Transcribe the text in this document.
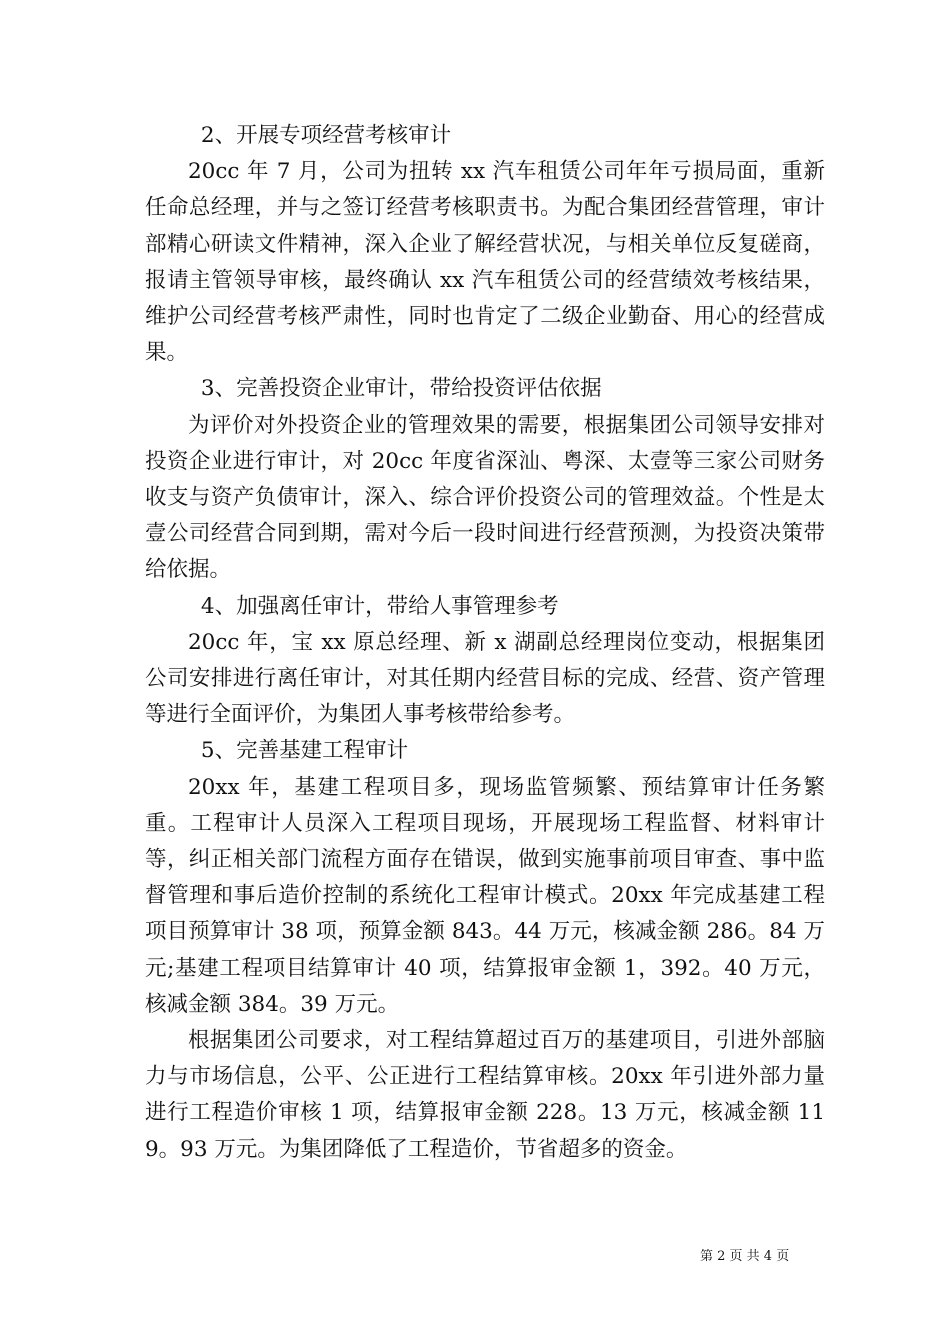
2、开展专项经营考核审计

20cc 年 7 月，公司为扭转 xx 汽车租赁公司年年亏损局面，重新任命总经理，并与之签订经营考核职责书。为配合集团经营管理，审计部精心研读文件精神，深入企业了解经营状况，与相关单位反复磋商，报请主管领导审核，最终确认 xx 汽车租赁公司的经营绩效考核结果，维护公司经营考核严肃性，同时也肯定了二级企业勤奋、用心的经营成果。

3、完善投资企业审计，带给投资评估依据

为评价对外投资企业的管理效果的需要，根据集团公司领导安排对投资企业进行审计，对 20cc 年度省深汕、粤深、太壹等三家公司财务收支与资产负债审计，深入、综合评价投资公司的管理效益。个性是太壹公司经营合同到期，需对今后一段时间进行经营预测，为投资决策带给依据。

4、加强离任审计，带给人事管理参考

20cc 年，宝 xx 原总经理、新 x 湖副总经理岗位变动，根据集团公司安排进行离任审计，对其任期内经营目标的完成、经营、资产管理等进行全面评价，为集团人事考核带给参考。

5、完善基建工程审计

20xx 年，基建工程项目多，现场监管频繁、预结算审计任务繁重。工程审计人员深入工程项目现场，开展现场工程监督、材料审计等，纠正相关部门流程方面存在错误，做到实施事前项目审查、事中监督管理和事后造价控制的系统化工程审计模式。20xx 年完成基建工程项目预算审计 38 项，预算金额 843。44 万元，核减金额 286。84 万元;基建工程项目结算审计 40 项，结算报审金额 1，392。40 万元，核减金额 384。39 万元。

根据集团公司要求，对工程结算超过百万的基建项目，引进外部脑力与市场信息，公平、公正进行工程结算审核。20xx 年引进外部力量进行工程造价审核 1 项，结算报审金额 228。13 万元，核减金额 119。93 万元。为集团降低了工程造价，节省超多的资金。

第 2 页 共 4 页
